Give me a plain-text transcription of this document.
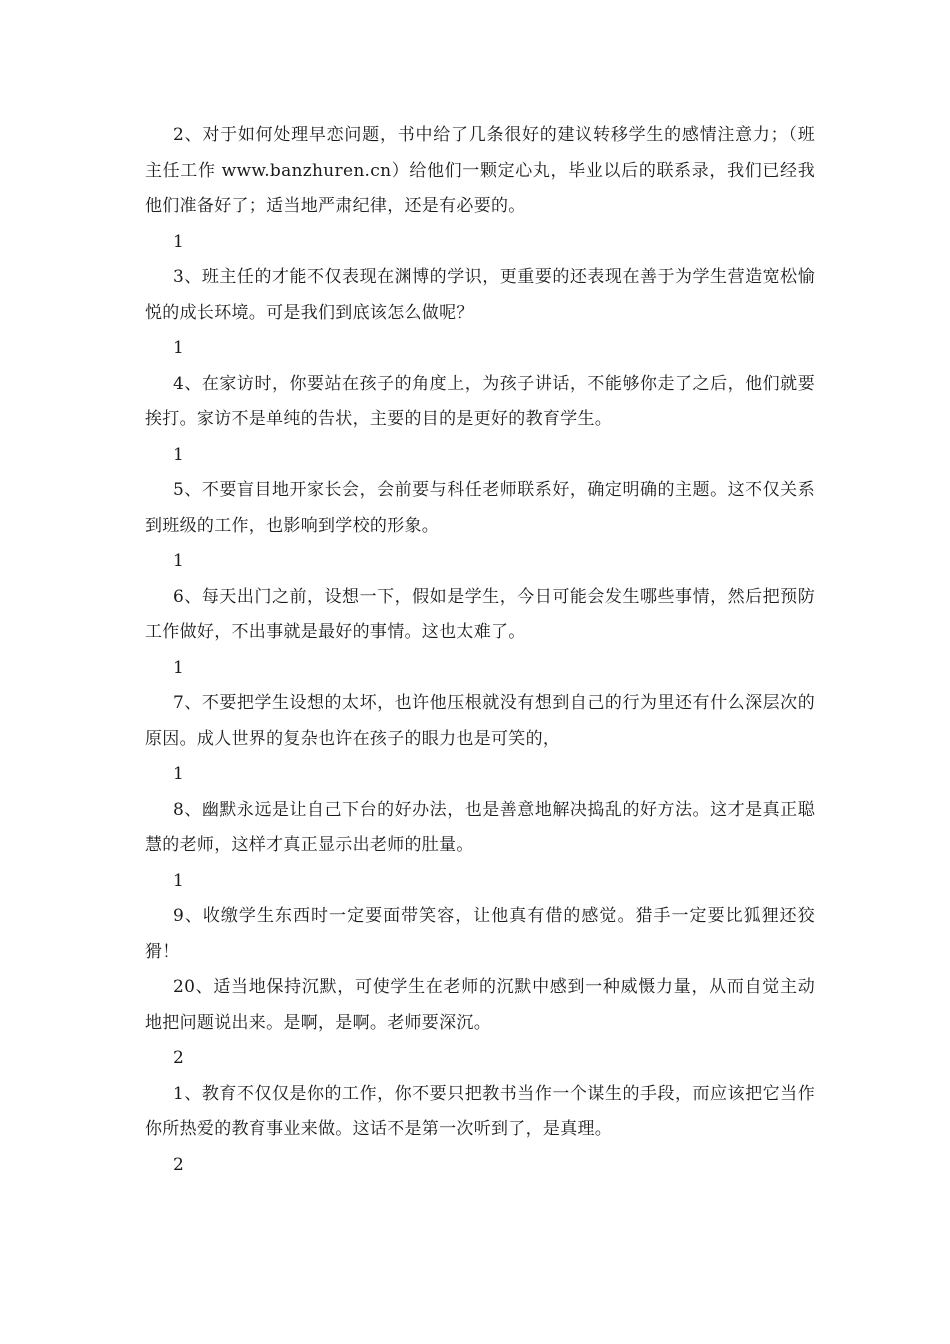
2、对于如何处理早恋问题，书中给了几条很好的建议转移学生的感情注意力；（班主任工作 www.banzhuren.cn）给他们一颗定心丸，毕业以后的联系录，我们已经我他们准备好了；适当地严肃纪律，还是有必要的。

1

3、班主任的才能不仅表现在渊博的学识，更重要的还表现在善于为学生营造宽松愉悦的成长环境。可是我们到底该怎么做呢？

1

4、在家访时，你要站在孩子的角度上，为孩子讲话，不能够你走了之后，他们就要挨打。家访不是单纯的告状，主要的目的是更好的教育学生。

1

5、不要盲目地开家长会，会前要与科任老师联系好，确定明确的主题。这不仅关系到班级的工作，也影响到学校的形象。

1

6、每天出门之前，设想一下，假如是学生，今日可能会发生哪些事情，然后把预防工作做好，不出事就是最好的事情。这也太难了。

1

7、不要把学生设想的太坏，也许他压根就没有想到自己的行为里还有什么深层次的原因。成人世界的复杂也许在孩子的眼力也是可笑的，

1

8、幽默永远是让自己下台的好办法，也是善意地解决捣乱的好方法。这才是真正聪慧的老师，这样才真正显示出老师的肚量。

1

9、收缴学生东西时一定要面带笑容，让他真有借的感觉。猎手一定要比狐狸还狡猾！

20、适当地保持沉默，可使学生在老师的沉默中感到一种威慑力量，从而自觉主动地把问题说出来。是啊，是啊。老师要深沉。

2

1、教育不仅仅是你的工作，你不要只把教书当作一个谋生的手段，而应该把它当作你所热爱的教育事业来做。这话不是第一次听到了，是真理。

2
